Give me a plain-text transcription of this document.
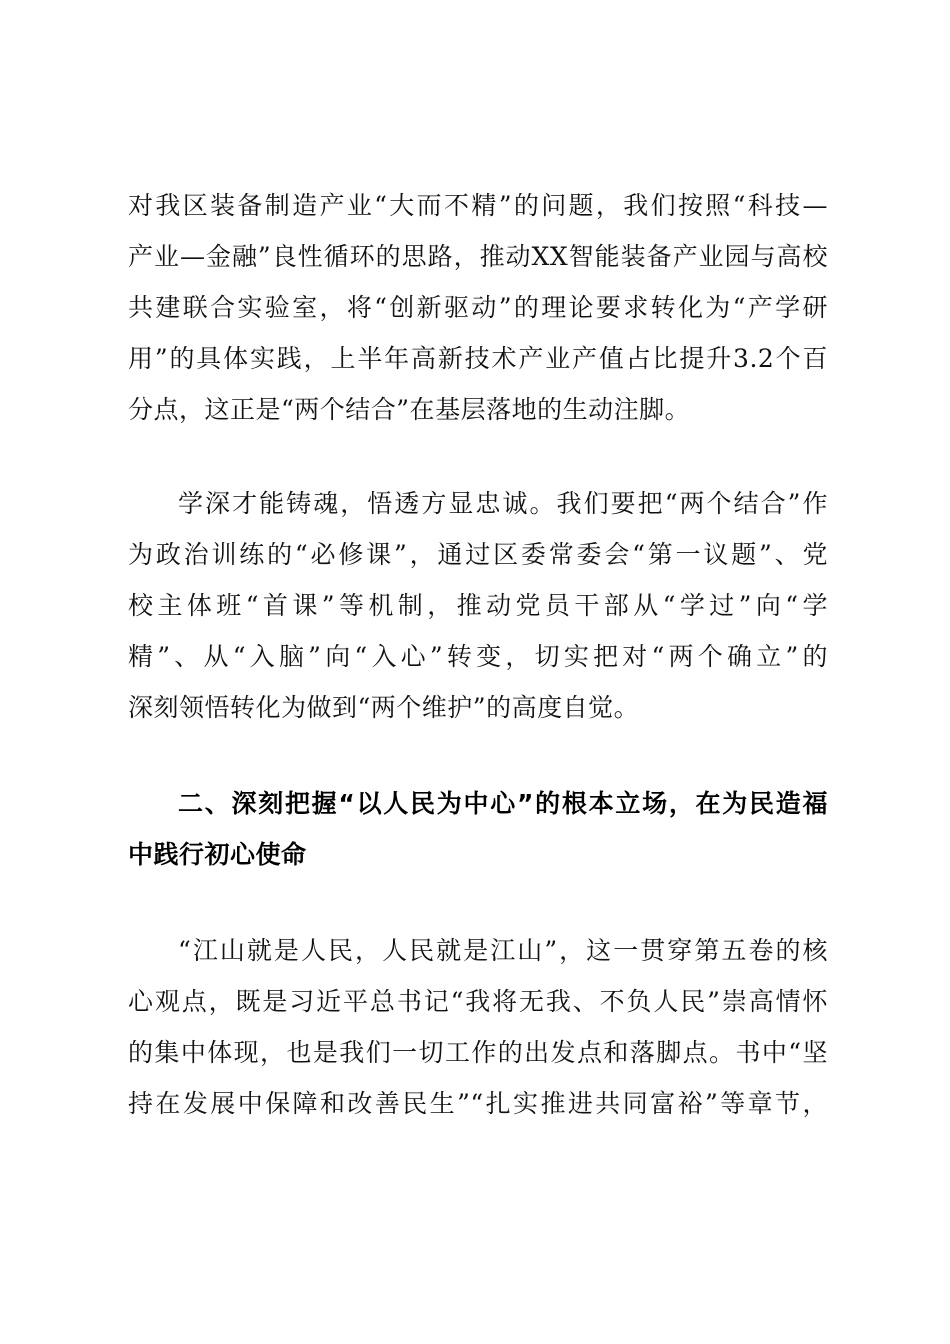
对我区装备制造产业“大而不精”的问题，我们按照“科技—
产业—金融”良性循环的思路，推动XX智能装备产业园与高校
共建联合实验室，将“创新驱动”的理论要求转化为“产学研
用”的具体实践，上半年高新技术产业产值占比提升3.2个百
分点，这正是“两个结合”在基层落地的生动注脚。
学深才能铸魂，悟透方显忠诚。我们要把“两个结合”作
为政治训练的“必修课”，通过区委常委会“第一议题”、党
校主体班“首课”等机制，推动党员干部从“学过”向“学
精”、从“入脑”向“入心”转变，切实把对“两个确立”的
深刻领悟转化为做到“两个维护”的高度自觉。
二、深刻把握“以人民为中心”的根本立场，在为民造福
中践行初心使命
“江山就是人民，人民就是江山”，这一贯穿第五卷的核
心观点，既是习近平总书记“我将无我、不负人民”崇高情怀
的集中体现，也是我们一切工作的出发点和落脚点。书中“坚
持在发展中保障和改善民生”“扎实推进共同富裕”等章节，
